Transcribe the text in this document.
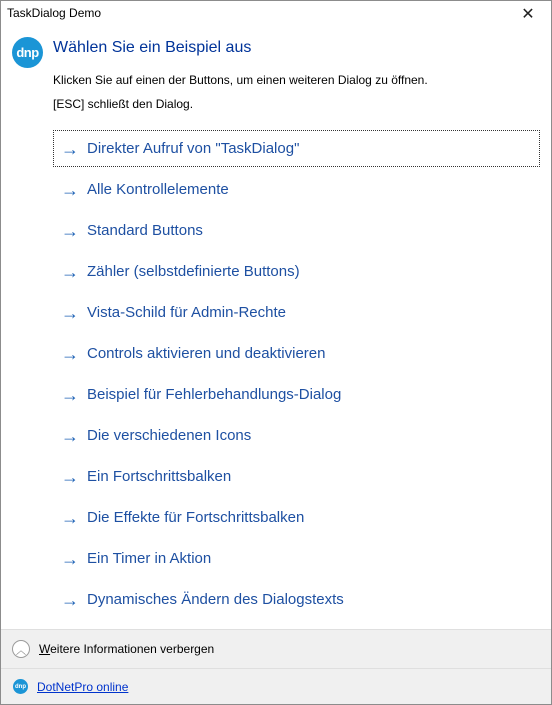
TaskDialog Demo	✕
dnp Wählen Sie ein Beispiel aus
Klicken Sie auf einen der Buttons, um einen weiteren Dialog zu öffnen.
[ESC] schließt den Dialog.
→ Direkter Aufruf von "TaskDialog"
→ Alle Kontrollelemente
→ Standard Buttons
→ Zähler (selbstdefinierte Buttons)
→ Vista-Schild für Admin-Rechte
→ Controls aktivieren und deaktivieren
→ Beispiel für Fehlerbehandlungs-Dialog
→ Die verschiedenen Icons
→ Ein Fortschrittsbalken
→ Die Effekte für Fortschrittsbalken
→ Ein Timer in Aktion
→ Dynamisches Ändern des Dialogstexts
︿ Weitere Informationen verbergen
dnp DotNetPro online
